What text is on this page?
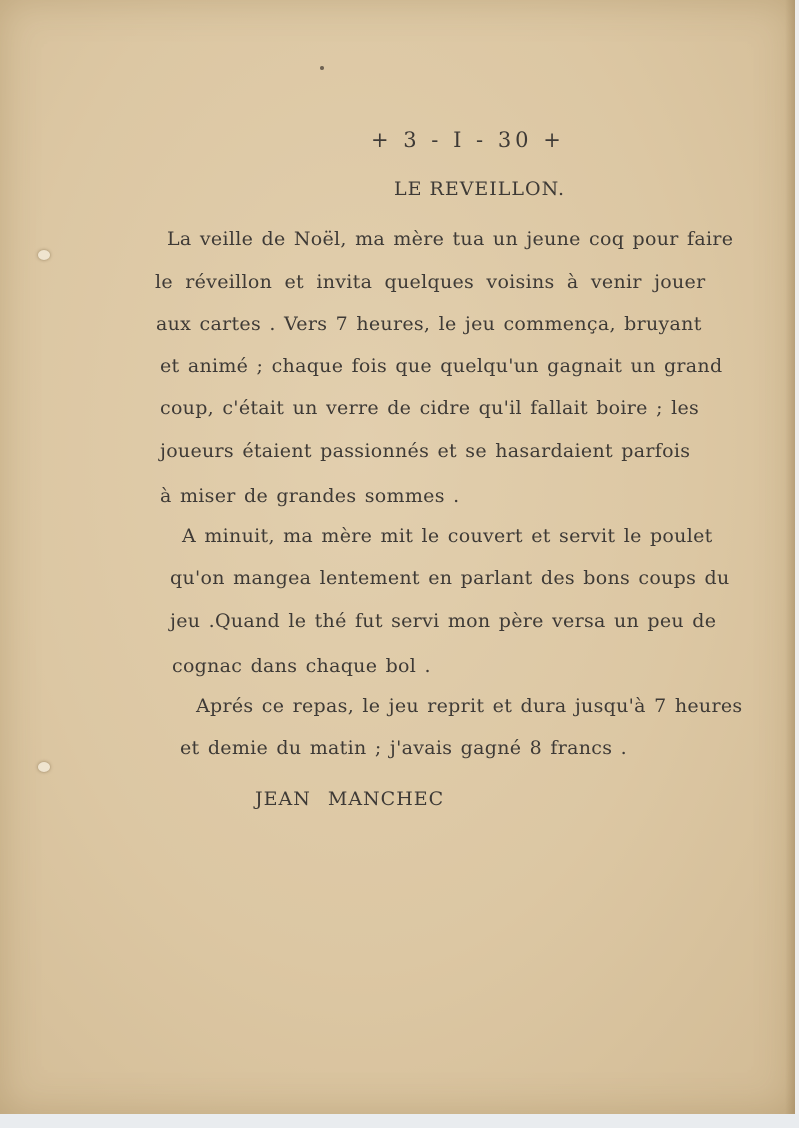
+ 3 - I - 30 +
LE REVEILLON.
La veille de Noël, ma mère tua un jeune coq pour faire
le réveillon et invita quelques voisins à venir jouer
aux cartes . Vers 7 heures, le jeu commença, bruyant
et animé ; chaque fois que quelqu'un gagnait un grand
coup, c'était un verre de cidre qu'il fallait boire ; les
joueurs étaient passionnés et se hasardaient parfois
à miser de grandes sommes .
A minuit, ma mère mit le couvert et servit le poulet
qu'on mangea lentement en parlant des bons coups du
jeu .Quand le thé fut servi mon père versa un peu de
cognac dans chaque bol .
Aprés ce repas, le jeu reprit et dura jusqu'à 7 heures
et demie du matin ; j'avais gagné 8 francs .
JEAN MANCHEC
